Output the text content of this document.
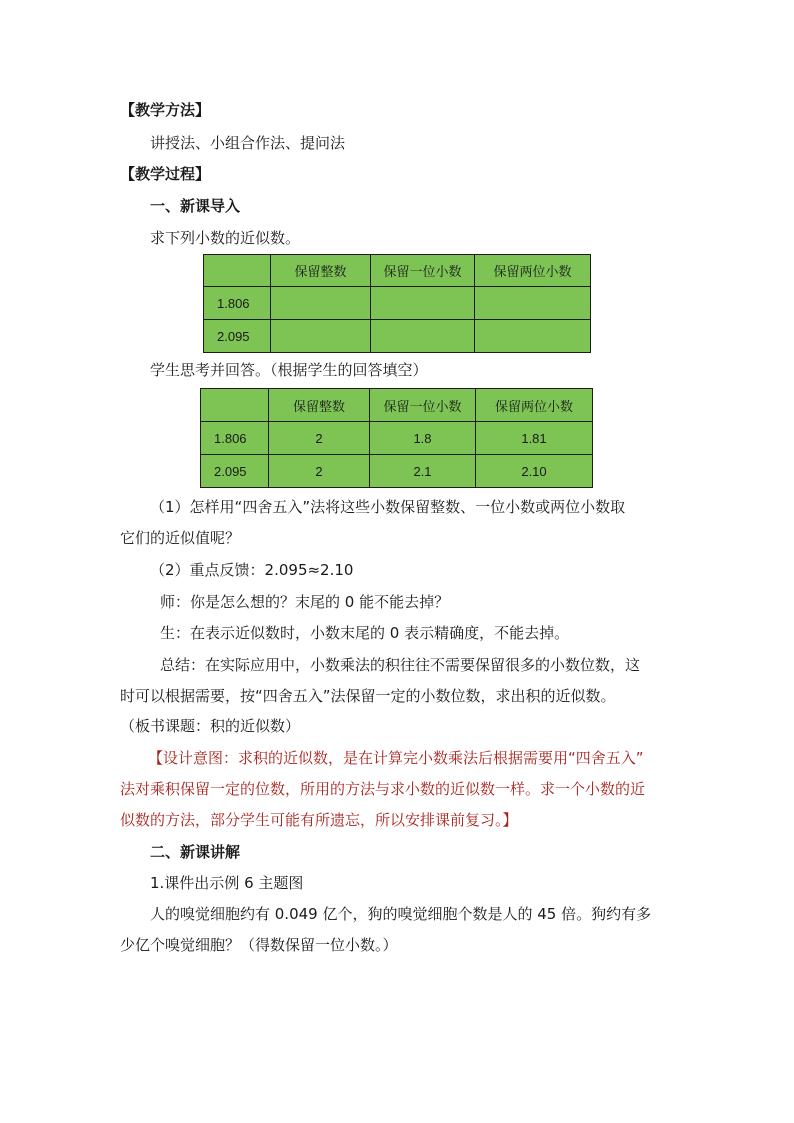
【教学方法】
讲授法、小组合作法、提问法
【教学过程】
一、新课导入
求下列小数的近似数。
	保留整数	保留一位小数	保留两位小数
1.806			
2.095			
学生思考并回答。（根据学生的回答填空）
	保留整数	保留一位小数	保留两位小数
1.806	2	1.8	1.81
2.095	2	2.1	2.10
（1）怎样用“四舍五入”法将这些小数保留整数、一位小数或两位小数取
它们的近似值呢？
（2）重点反馈：2.095≈2.10
师：你是怎么想的？末尾的 0 能不能去掉？
生：在表示近似数时，小数末尾的 0 表示精确度，不能去掉。
总结：在实际应用中，小数乘法的积往往不需要保留很多的小数位数，这
时可以根据需要，按“四舍五入”法保留一定的小数位数，求出积的近似数。
（板书课题：积的近似数）
【设计意图：求积的近似数，是在计算完小数乘法后根据需要用“四舍五入”
法对乘积保留一定的位数，所用的方法与求小数的近似数一样。求一个小数的近
似数的方法，部分学生可能有所遗忘，所以安排课前复习。】
二、新课讲解
1.课件出示例 6 主题图
人的嗅觉细胞约有 0.049 亿个，狗的嗅觉细胞个数是人的 45 倍。狗约有多
少亿个嗅觉细胞？（得数保留一位小数。）
